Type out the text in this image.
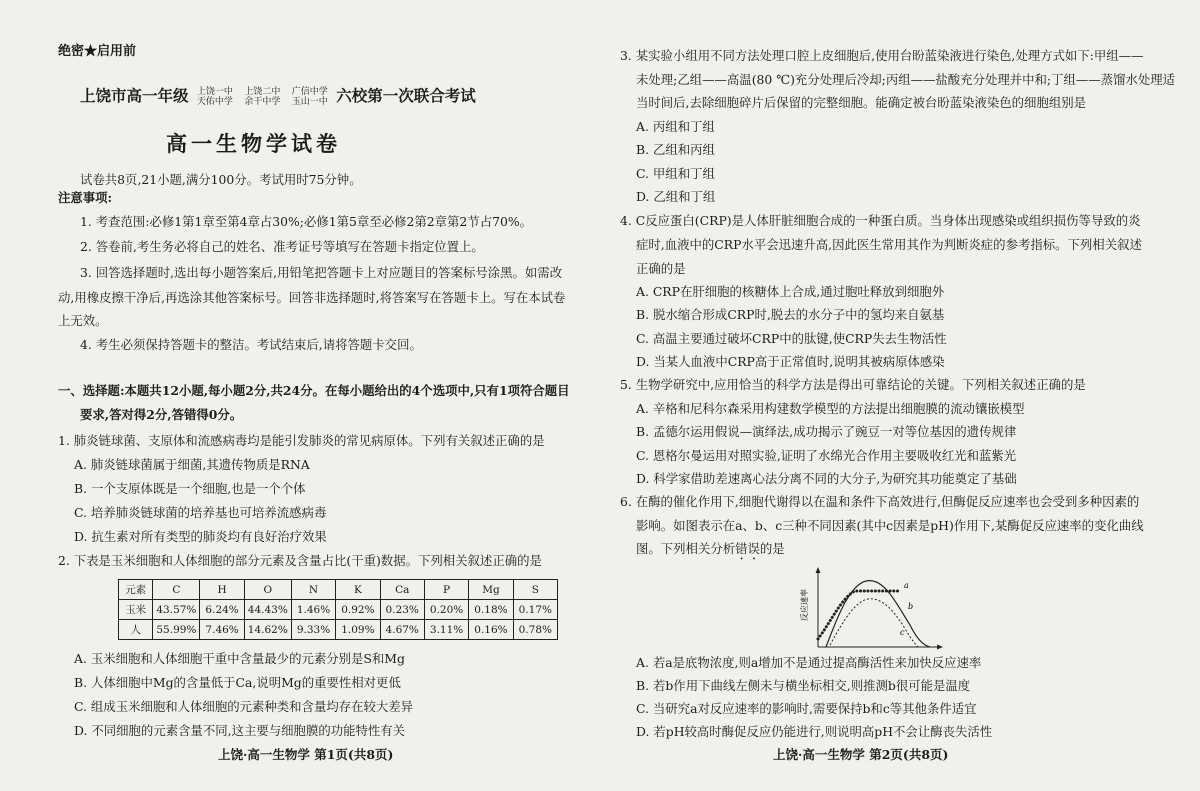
绝密★启用前
上饶市高一年级 上饶一中
天佑中学 上饶二中
余干中学 广信中学
玉山一中 六校第一次联合考试
高一生物学试卷
试卷共8页,21小题,满分100分。考试用时75分钟。
注意事项:
1. 考查范围:必修1第1章至第4章占30%;必修1第5章至必修2第2章第2节占70%。
2. 答卷前,考生务必将自己的姓名、准考证号等填写在答题卡指定位置上。
3. 回答选择题时,选出每小题答案后,用铅笔把答题卡上对应题目的答案标号涂黑。如需改
动,用橡皮擦干净后,再选涂其他答案标号。回答非选择题时,将答案写在答题卡上。写在本试卷
上无效。
4. 考生必须保持答题卡的整洁。考试结束后,请将答题卡交回。
一、选择题:本题共12小题,每小题2分,共24分。在每小题给出的4个选项中,只有1项符合题目
要求,答对得2分,答错得0分。
1. 肺炎链球菌、支原体和流感病毒均是能引发肺炎的常见病原体。下列有关叙述正确的是
A. 肺炎链球菌属于细菌,其遗传物质是RNA
B. 一个支原体既是一个细胞,也是一个个体
C. 培养肺炎链球菌的培养基也可培养流感病毒
D. 抗生素对所有类型的肺炎均有良好治疗效果
2. 下表是玉米细胞和人体细胞的部分元素及含量占比(干重)数据。下列相关叙述正确的是
A. 玉米细胞和人体细胞干重中含量最少的元素分别是S和Mg
B. 人体细胞中Mg的含量低于Ca,说明Mg的重要性相对更低
C. 组成玉米细胞和人体细胞的元素种类和含量均存在较大差异
D. 不同细胞的元素含量不同,这主要与细胞膜的功能特性有关
元素	C	H	O	N	K	Ca	P	Mg	S
玉米	43.57%	6.24%	44.43%	1.46%	0.92%	0.23%	0.20%	0.18%	0.17%
人	55.99%	7.46%	14.62%	9.33%	1.09%	4.67%	3.11%	0.16%	0.78%
上饶·高一生物学 第1页(共8页)
3. 某实验小组用不同方法处理口腔上皮细胞后,使用台盼蓝染液进行染色,处理方式如下:甲组——
未处理;乙组——高温(80 ℃)充分处理后冷却;丙组——盐酸充分处理并中和;丁组——蒸馏水处理适
当时间后,去除细胞碎片后保留的完整细胞。能确定被台盼蓝染液染色的细胞组别是
A. 丙组和丁组
B. 乙组和丙组
C. 甲组和丁组
D. 乙组和丁组
4. C反应蛋白(CRP)是人体肝脏细胞合成的一种蛋白质。当身体出现感染或组织损伤等导致的炎
症时,血液中的CRP水平会迅速升高,因此医生常用其作为判断炎症的参考指标。下列相关叙述
正确的是
A. CRP在肝细胞的核糖体上合成,通过胞吐释放到细胞外
B. 脱水缩合形成CRP时,脱去的水分子中的氢均来自氨基
C. 高温主要通过破坏CRP中的肽键,使CRP失去生物活性
D. 当某人血液中CRP高于正常值时,说明其被病原体感染
5. 生物学研究中,应用恰当的科学方法是得出可靠结论的关键。下列相关叙述正确的是
A. 辛格和尼科尔森采用构建数学模型的方法提出细胞膜的流动镶嵌模型
B. 孟德尔运用假说—演绎法,成功揭示了豌豆一对等位基因的遗传规律
C. 恩格尔曼运用对照实验,证明了水绵光合作用主要吸收红光和蓝紫光
D. 科学家借助差速离心法分离不同的大分子,为研究其功能奠定了基础
6. 在酶的催化作用下,细胞代谢得以在温和条件下高效进行,但酶促反应速率也会受到多种因素的
影响。如图表示在a、b、c三种不同因素(其中c因素是pH)作用下,某酶促反应速率的变化曲线
图。下列相关分析错误的是
反应速率
a
b
c
A. 若a是底物浓度,则a增加不是通过提高酶活性来加快反应速率
B. 若b作用下曲线左侧未与横坐标相交,则推测b很可能是温度
C. 当研究a对反应速率的影响时,需要保持b和c等其他条件适宜
D. 若pH较高时酶促反应仍能进行,则说明高pH不会让酶丧失活性
上饶·高一生物学 第2页(共8页)
